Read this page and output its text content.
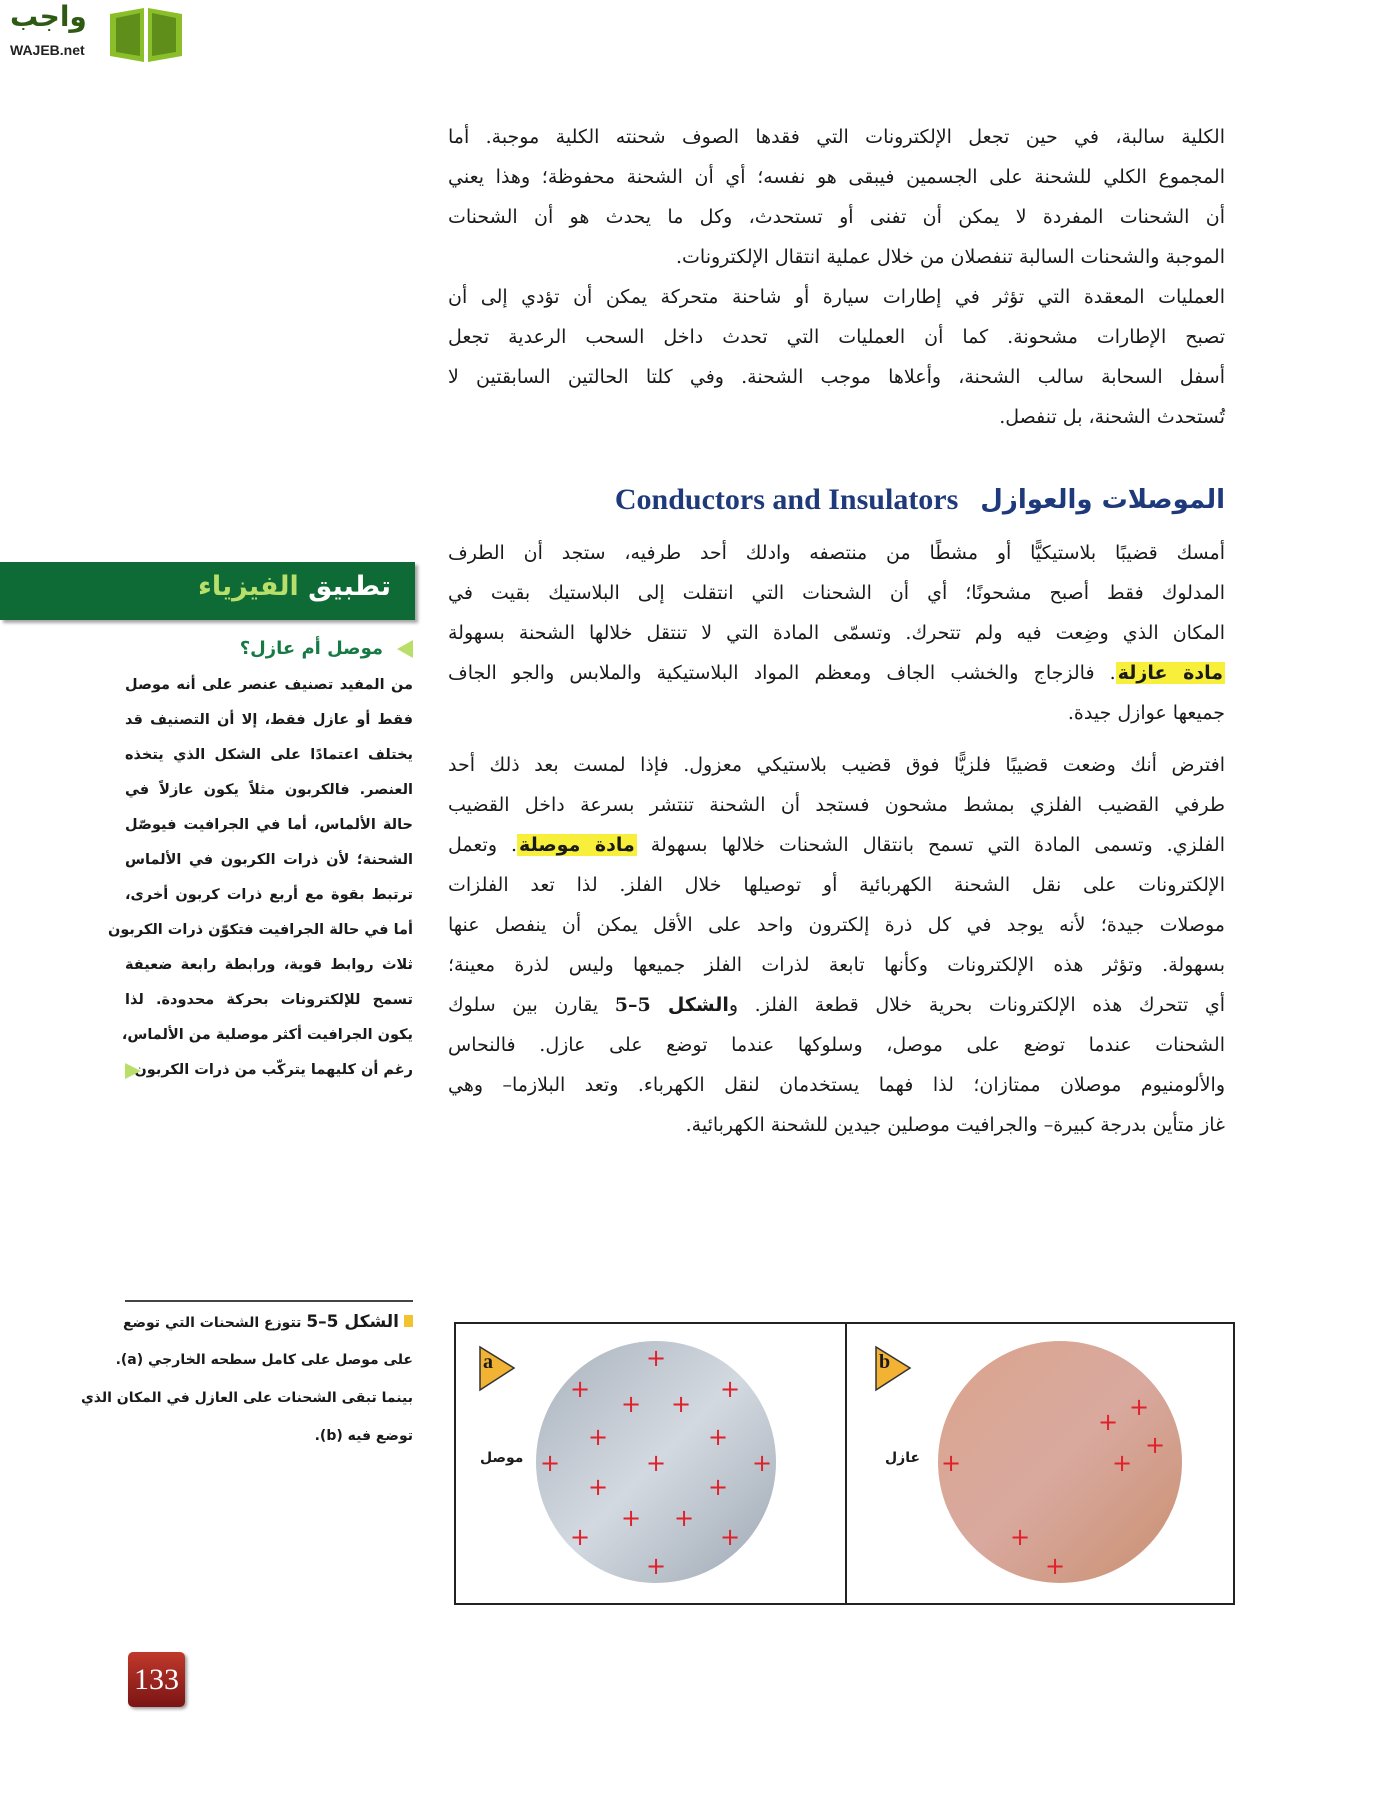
واجب
WAJEB.net
الكلية سالبة، في حين تجعل الإلكترونات التي فقدها الصوف شحنته الكلية موجبة. أما
المجموع الكلي للشحنة على الجسمين فيبقى هو نفسه؛ أي أن الشحنة محفوظة؛ وهذا يعني
أن الشحنات المفردة لا يمكن أن تفنى أو تستحدث، وكل ما يحدث هو أن الشحنات
الموجبة والشحنات السالبة تنفصلان من خلال عملية انتقال الإلكترونات.
العمليات المعقدة التي تؤثر في إطارات سيارة أو شاحنة متحركة يمكن أن تؤدي إلى أن
تصبح الإطارات مشحونة. كما أن العمليات التي تحدث داخل السحب الرعدية تجعل
أسفل السحابة سالب الشحنة، وأعلاها موجب الشحنة. وفي كلتا الحالتين السابقتين لا
تُستحدث الشحنة، بل تنفصل.
الموصلات والعوازل
Conductors and Insulators
أمسك قضيبًا بلاستيكيًّا أو مشطًا من منتصفه وادلك أحد طرفيه، ستجد أن الطرف
المدلوك فقط أصبح مشحونًا؛ أي أن الشحنات التي انتقلت إلى البلاستيك بقيت في
المكان الذي وضِعت فيه ولم تتحرك. وتسمّى المادة التي لا تنتقل خلالها الشحنة بسهولة
مادة عازلة. فالزجاج والخشب الجاف ومعظم المواد البلاستيكية والملابس والجو الجاف
جميعها عوازل جيدة.
افترض أنك وضعت قضيبًا فلزيًّا فوق قضيب بلاستيكي معزول. فإذا لمست بعد ذلك أحد
طرفي القضيب الفلزي بمشط مشحون فستجد أن الشحنة تنتشر بسرعة داخل القضيب
الفلزي. وتسمى المادة التي تسمح بانتقال الشحنات خلالها بسهولة مادة موصلة. وتعمل
الإلكترونات على نقل الشحنة الكهربائية أو توصيلها خلال الفلز. لذا تعد الفلزات
موصلات جيدة؛ لأنه يوجد في كل ذرة إلكترون واحد على الأقل يمكن أن ينفصل عنها
بسهولة. وتؤثر هذه الإلكترونات وكأنها تابعة لذرات الفلز جميعها وليس لذرة معينة؛
أي تتحرك هذه الإلكترونات بحرية خلال قطعة الفلز. والشكل 5–5 يقارن بين سلوك
الشحنات عندما توضع على موصل، وسلوكها عندما توضع على عازل. فالنحاس
والألومنيوم موصلان ممتازان؛ لذا فهما يستخدمان لنقل الكهرباء. وتعد البلازما– وهي
غاز متأين بدرجة كبيرة– والجرافيت موصلين جيدين للشحنة الكهربائية.
تطبيق الفيزياء
موصل أم عازل؟
من المفيد تصنيف عنصر على أنه موصل
فقط أو عازل فقط، إلا أن التصنيف قد
يختلف اعتمادًا على الشكل الذي يتخذه
العنصر. فالكربون مثلاً يكون عازلاً في
حالة الألماس، أما في الجرافيت فيوصّل
الشحنة؛ لأن ذرات الكربون في الألماس
ترتبط بقوة مع أربع ذرات كربون أخرى،
أما في حالة الجرافيت فتكوّن ذرات الكربون
ثلاث روابط قوية، ورابطة رابعة ضعيفة
تسمح للإلكترونات بحركة محدودة. لذا
يكون الجرافيت أكثر موصلية من الألماس،
رغم أن كليهما يتركّب من ذرات الكربون.
الشكل 5–5 تتوزع الشحنات التي توضع
على موصل على كامل سطحه الخارجي (a).
بينما تبقى الشحنات على العازل في المكان الذي
توضع فيه (b).
+
+	+
+ +
+	+
+	+	+
+	+
+ +
+	+
+
+
+
+
+
+
+
+
a	b
موصل	عازل
133
